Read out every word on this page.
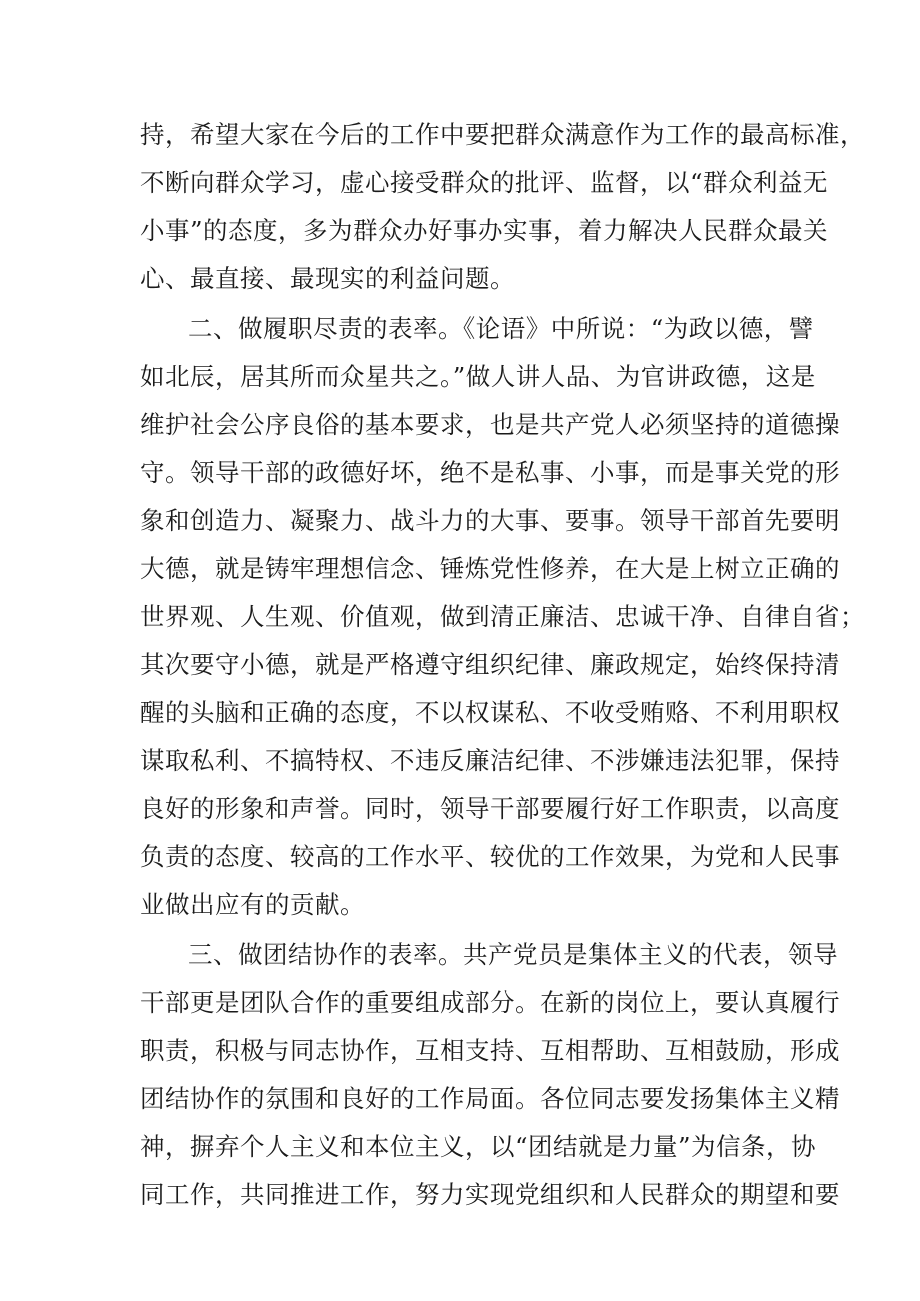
持，希望大家在今后的工作中要把群众满意作为工作的最高标准，

不断向群众学习，虚心接受群众的批评、监督，以“群众利益无

小事”的态度，多为群众办好事办实事，着力解决人民群众最关

心、最直接、最现实的利益问题。

二、做履职尽责的表率。《论语》中所说：“为政以德，譬

如北辰，居其所而众星共之。”做人讲人品、为官讲政德，这是

维护社会公序良俗的基本要求，也是共产党人必须坚持的道德操

守。领导干部的政德好坏，绝不是私事、小事，而是事关党的形

象和创造力、凝聚力、战斗力的大事、要事。领导干部首先要明

大德，就是铸牢理想信念、锤炼党性修养，在大是上树立正确的

世界观、人生观、价值观，做到清正廉洁、忠诚干净、自律自省；

其次要守小德，就是严格遵守组织纪律、廉政规定，始终保持清

醒的头脑和正确的态度，不以权谋私、不收受贿赂、不利用职权

谋取私利、不搞特权、不违反廉洁纪律、不涉嫌违法犯罪，保持

良好的形象和声誉。同时，领导干部要履行好工作职责，以高度

负责的态度、较高的工作水平、较优的工作效果，为党和人民事

业做出应有的贡献。

三、做团结协作的表率。共产党员是集体主义的代表，领导

干部更是团队合作的重要组成部分。在新的岗位上，要认真履行

职责，积极与同志协作，互相支持、互相帮助、互相鼓励，形成

团结协作的氛围和良好的工作局面。各位同志要发扬集体主义精

神，摒弃个人主义和本位主义，以“团结就是力量”为信条，协

同工作，共同推进工作，努力实现党组织和人民群众的期望和要
